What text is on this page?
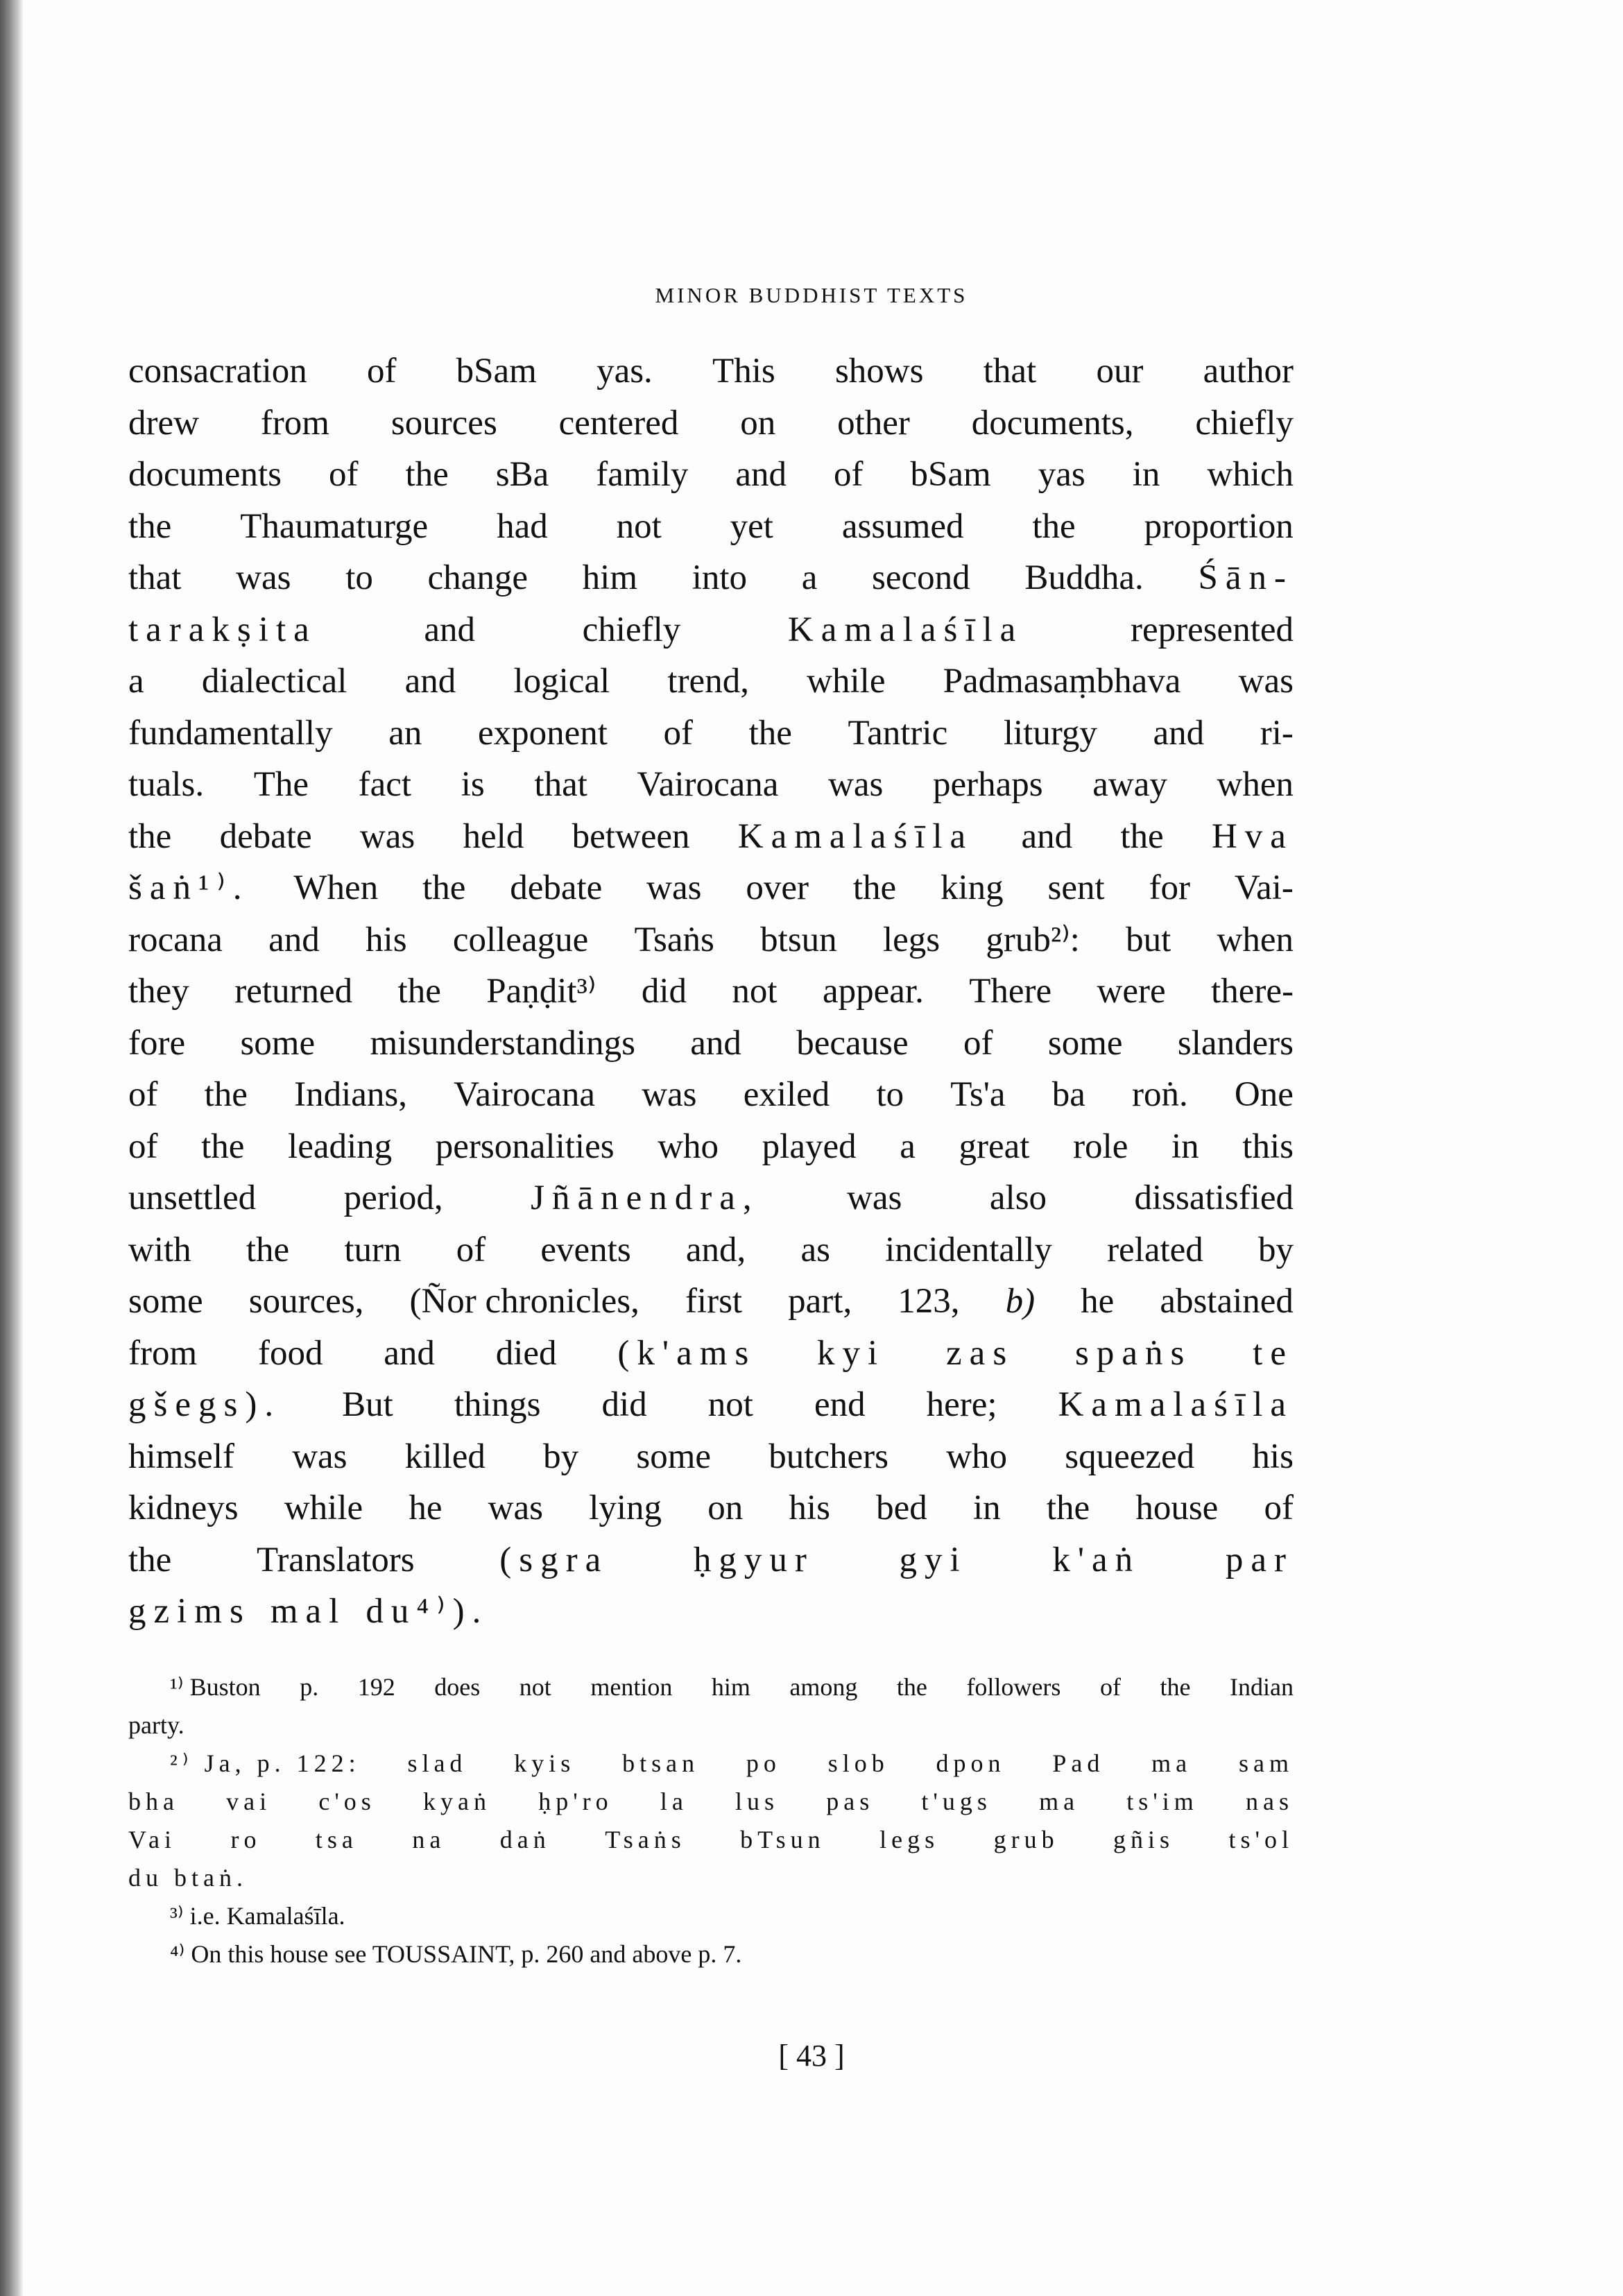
MINOR BUDDHIST TEXTS
consacration of bSam yas. This shows that our author
drew from sources centered on other documents, chiefly
documents of the sBa family and of bSam yas in which
the Thaumaturge had not yet assumed the proportion
that was to change him into a second Buddha. Śān-
tarakṣita	and	chiefly	Kamalaśīla	represented
a dialectical and logical trend, while Padmasaṃbhava was
fundamentally an exponent of the Tantric liturgy and ri-
tuals. The fact is that Vairocana was perhaps away when
the debate was held between Kamalaśīla and the Hva
šaṅ¹⁾. When the debate was over the king sent for Vai-
rocana and his colleague Tsaṅs btsun legs grub²⁾: but when
they returned the Paṇḍit³⁾ did not appear. There were there-
fore some misunderstandings and because of some slanders
of the Indians, Vairocana was exiled to Ts'a ba roṅ. One
of the leading personalities who played a great role in this
unsettled period, Jñānendra, was also dissatisfied
with the turn of events and, as incidentally related by
some sources, (Ñor chronicles, first part, 123, b) he abstained
from food and died (k'ams kyi zas spaṅs te
gšegs). But things did not end here; Kamalaśīla
himself was killed by some butchers who squeezed his
kidneys while he was lying on his bed in the house of
the Translators (sgra ḥgyur gyi k'aṅ par
gzims mal du⁴⁾).
¹⁾ Buston p. 192 does not mention him among the followers of the Indian
party.
²⁾ Ja, p. 122: slad kyis btsan po slob dpon Pad ma sam
bha vai c'os kyaṅ ḥp'ro la lus pas t'ugs ma ts'im nas
Vai ro tsa na daṅ Tsaṅs bTsun legs grub gñis ts'ol
du btaṅ.
³⁾ i.e. Kamalaśīla.
⁴⁾ On this house see TOUSSAINT, p. 260 and above p. 7.
[ 43 ]
